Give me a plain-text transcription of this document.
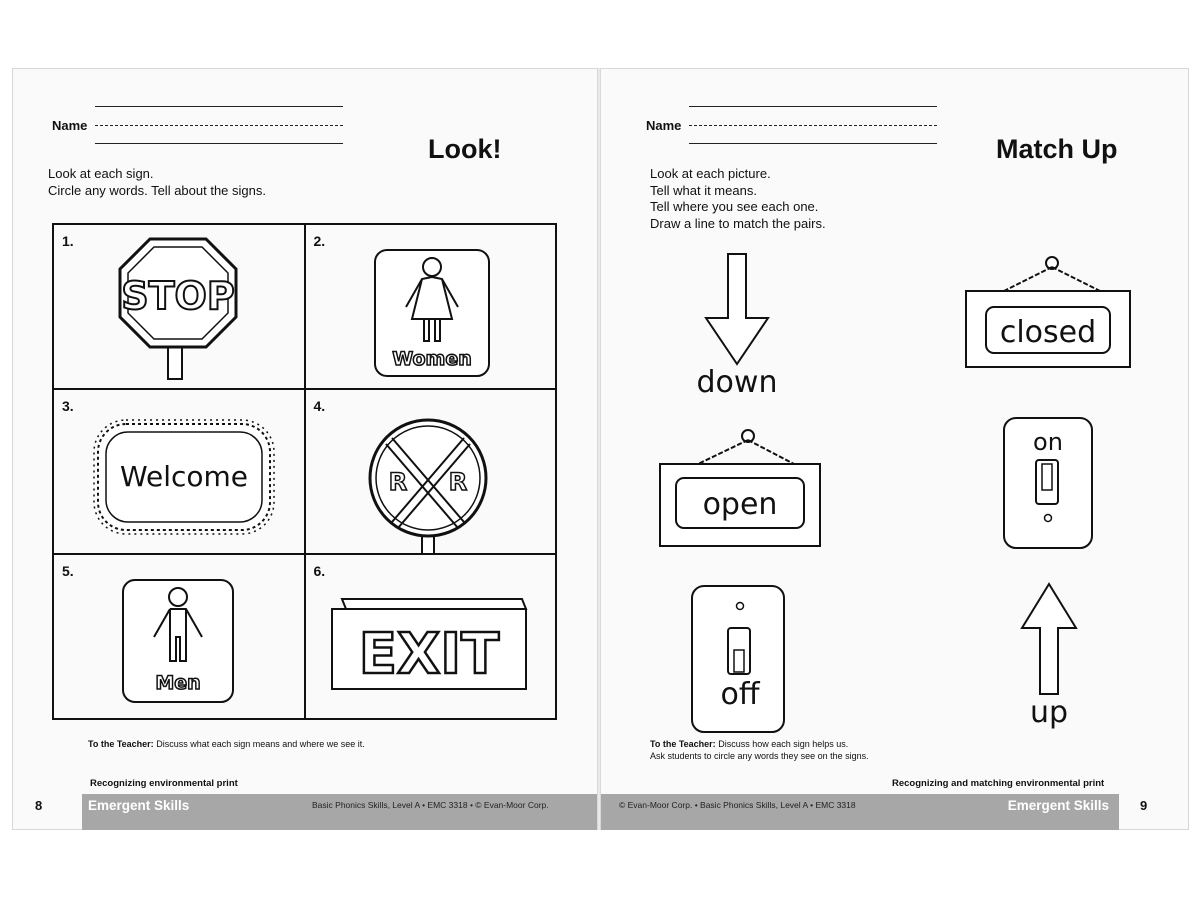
Name
Look!
Look at each sign.
Circle any words. Tell about the signs.
1.
STOP
2.
Women
3.
Welcome
4.
R R
5.
Men
6.
EXIT
To the Teacher: Discuss what each sign means and where we see it.
Recognizing environmental print
8	Emergent Skills	Basic Phonics Skills, Level A • EMC 3318 • © Evan-Moor Corp.
Name
Match Up
Look at each picture.
Tell what it means.
Tell where you see each one.
Draw a line to match the pairs.
down
closed
open
on
off
up
To the Teacher: Discuss how each sign helps us.
Ask students to circle any words they see on the signs.
Recognizing and matching environmental print
© Evan-Moor Corp. • Basic Phonics Skills, Level A • EMC 3318	Emergent Skills 9
